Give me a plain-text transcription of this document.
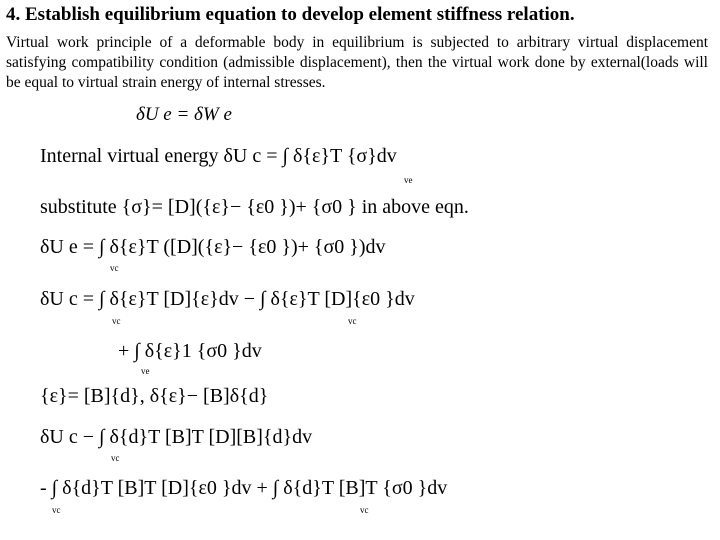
4. Establish equilibrium equation to develop element stiffness relation.
Virtual work principle of a deformable body in equilibrium is subjected to arbitrary virtual displacement satisfying compatibility condition (admissible displacement), then the virtual work done by external(loads will be equal to virtual strain energy of internal stresses.
δU e = δW e
Internal virtual energy δU c = ∫ δ{ε}T {σ}dv
ve
substitute {σ}= [D]({ε}− {ε0 })+ {σ0 } in above eqn.
δU e = ∫ δ{ε}T ([D]({ε}− {ε0 })+ {σ0 })dv
vc
δU c = ∫ δ{ε}T [D]{ε}dv − ∫ δ{ε}T [D]{ε0 }dv
vc	vc
+ ∫ δ{ε}1 {σ0 }dv
ve
{ε}= [B]{d}, δ{ε}− [B]δ{d}
δU c − ∫ δ{d}T [B]T [D][B]{d}dv
vc
- ∫ δ{d}T [B]T [D]{ε0 }dv + ∫ δ{d}T [B]T {σ0 }dv
vc	vc
